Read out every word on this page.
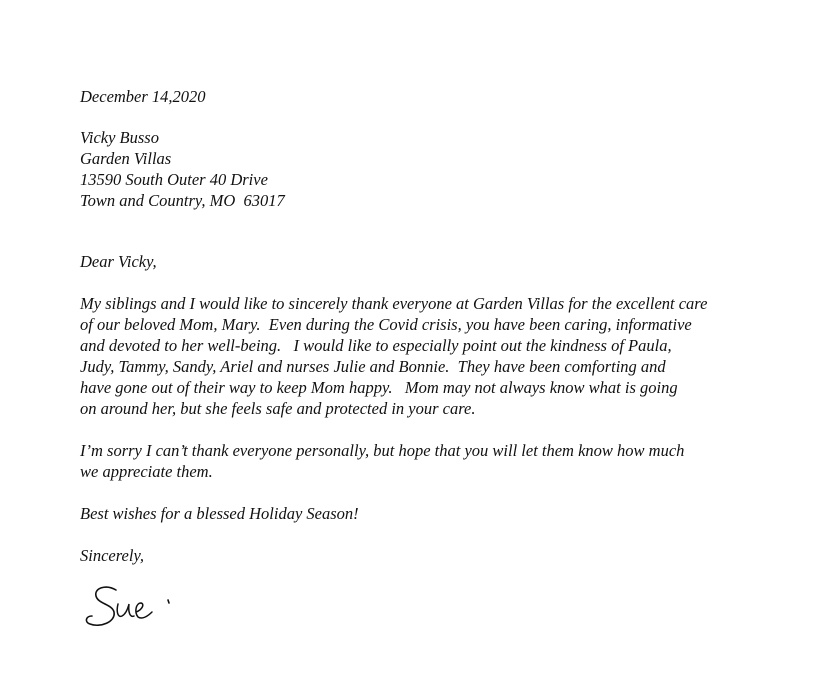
December 14,2020
Vicky Busso
Garden Villas
13590 South Outer 40 Drive
Town and Country, MO  63017
Dear Vicky,
My siblings and I would like to sincerely thank everyone at Garden Villas for the excellent care
of our beloved Mom, Mary.  Even during the Covid crisis, you have been caring, informative
and devoted to her well-being.   I would like to especially point out the kindness of Paula,
Judy, Tammy, Sandy, Ariel and nurses Julie and Bonnie.  They have been comforting and
have gone out of their way to keep Mom happy.   Mom may not always know what is going
on around her, but she feels safe and protected in your care.
I’m sorry I can’t thank everyone personally, but hope that you will let them know how much
we appreciate them.
Best wishes for a blessed Holiday Season!
Sincerely,
